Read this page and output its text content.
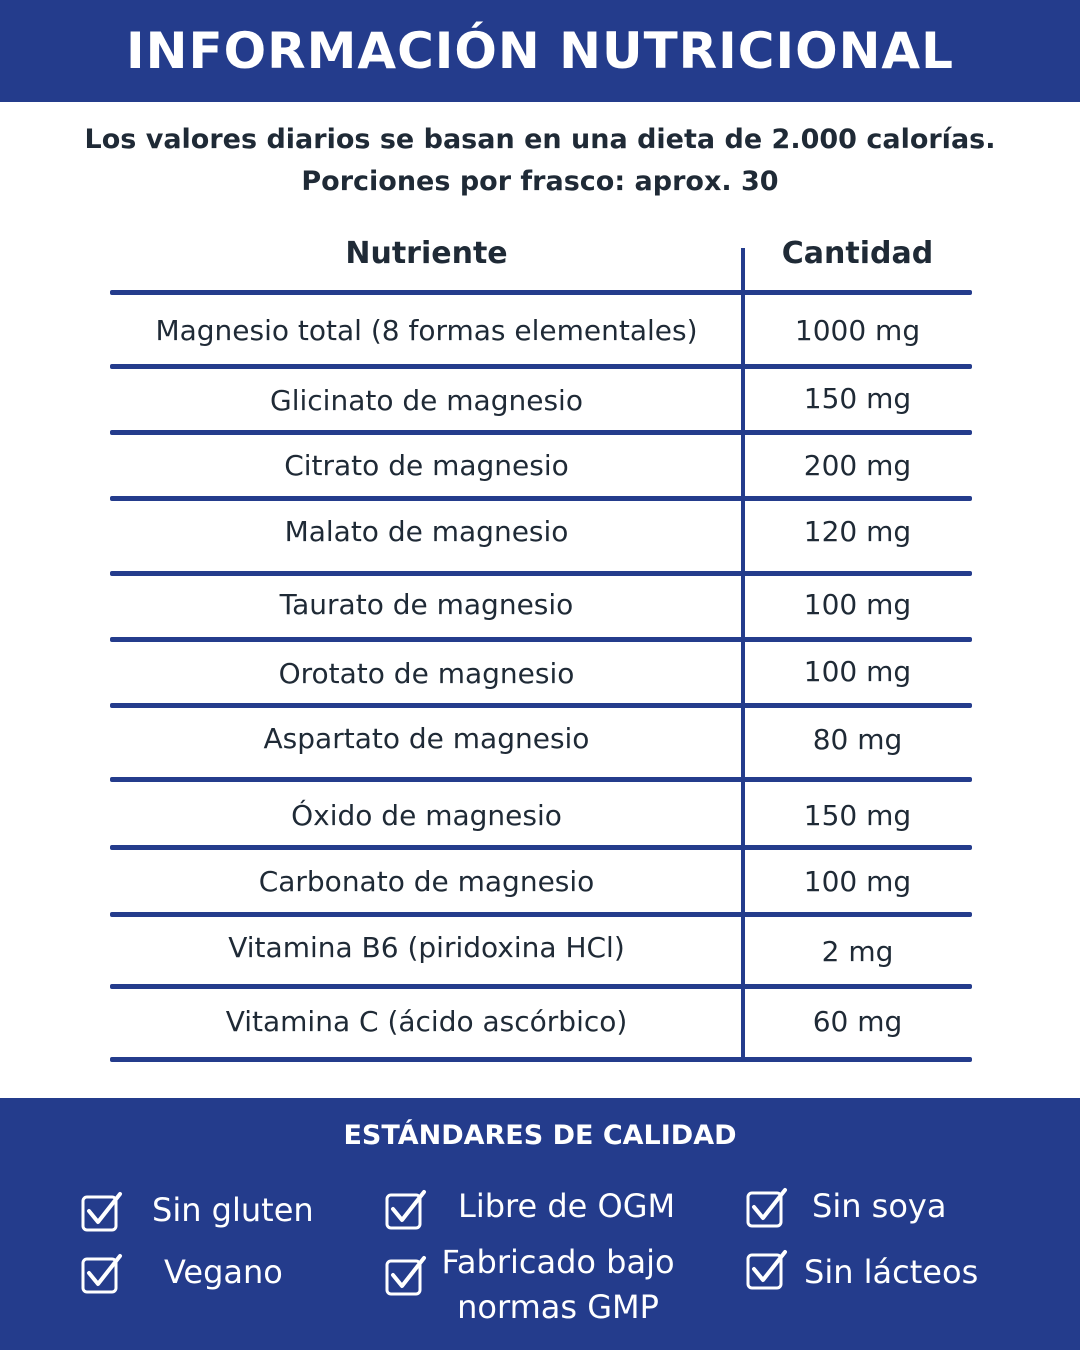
INFORMACIÓN NUTRICIONAL

Los valores diarios se basan en una dieta de 2.000 calorías.

Porciones por frasco: aprox. 30

Nutriente	Cantidad
Magnesio total (8 formas elementales)	1000 mg
Glicinato de magnesio	150 mg
Citrato de magnesio	200 mg
Malato de magnesio	120 mg
Taurato de magnesio	100 mg
Orotato de magnesio	100 mg
Aspartato de magnesio	80 mg
Óxido de magnesio	150 mg
Carbonato de magnesio	100 mg
Vitamina B6 (piridoxina HCl)	2 mg
Vitamina C (ácido ascórbico)	60 mg
ESTÁNDARES DE CALIDAD
Sin gluten
Vegano
Libre de OGM
Fabricado bajo
normas GMP
Sin soya
Sin lácteos
